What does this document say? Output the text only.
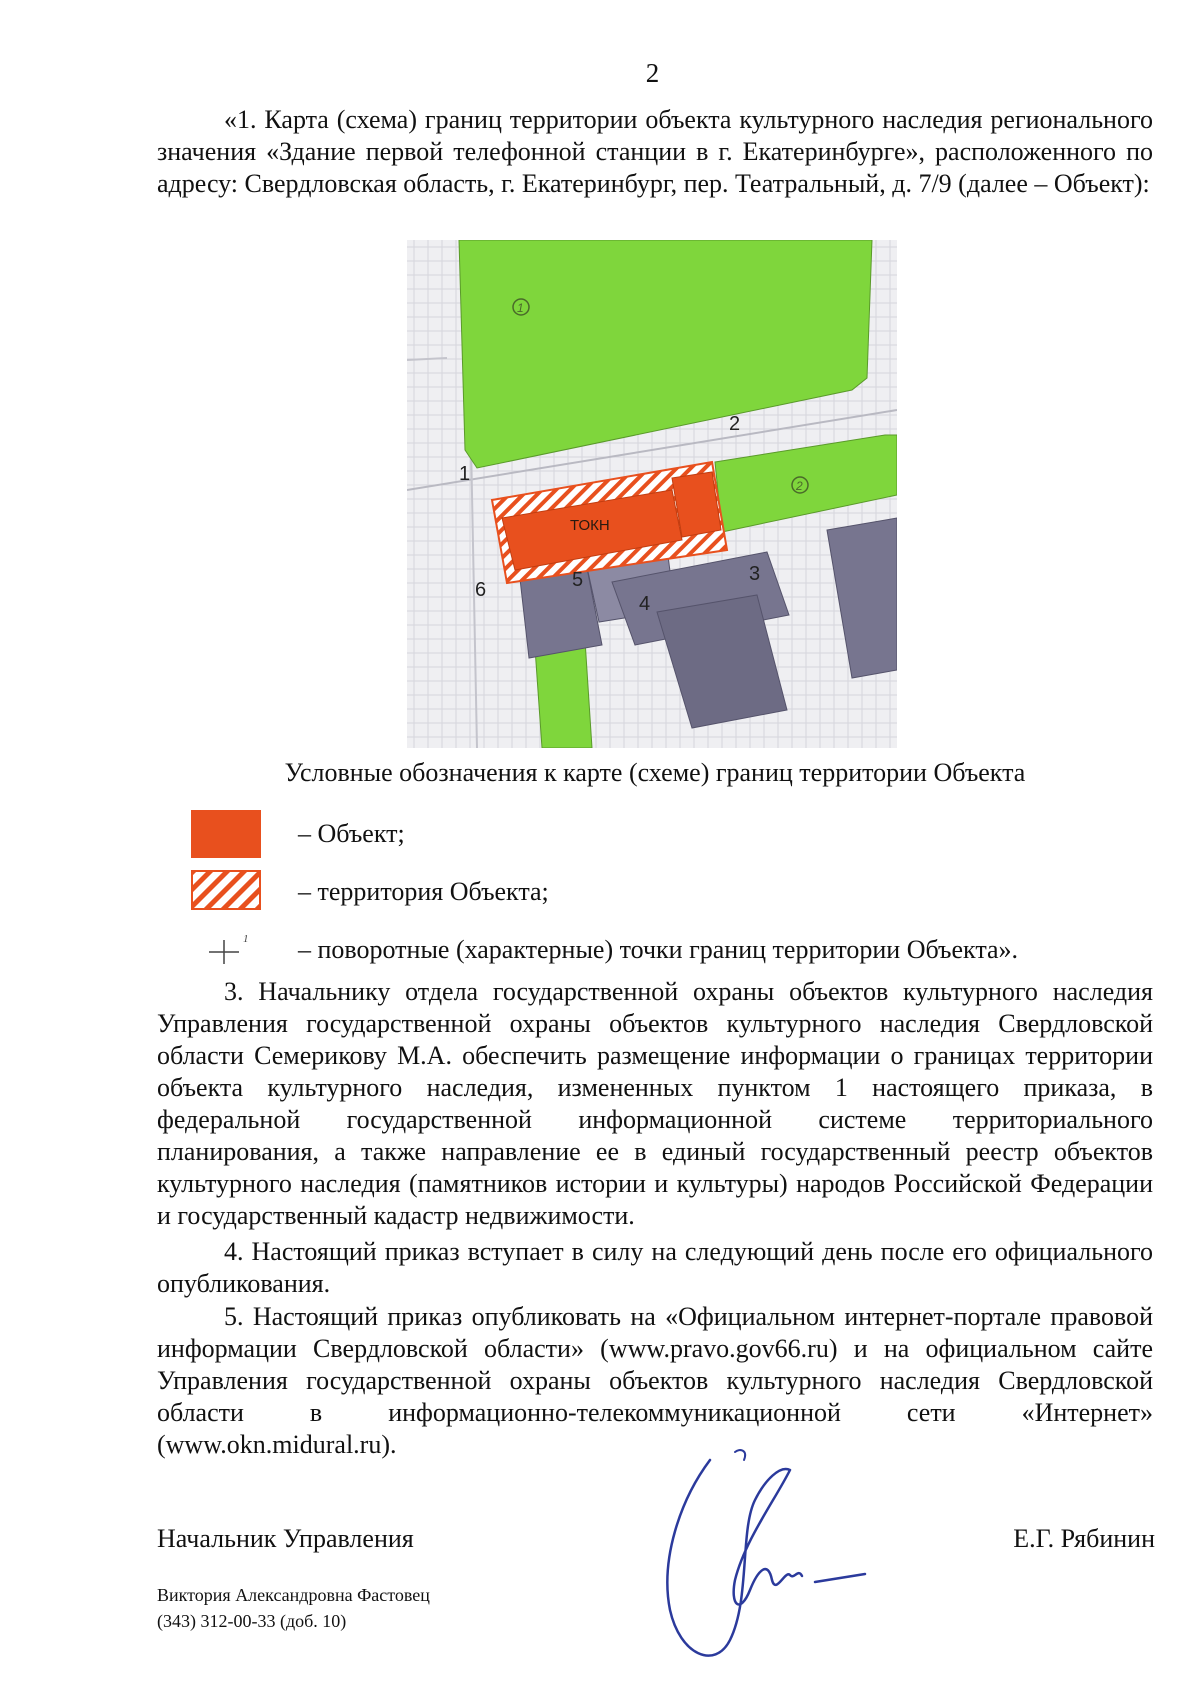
2
«1. Карта (схема) границ территории объекта культурного наследия регионального значения «Здание первой телефонной станции в г. Екатеринбурге», расположенного по адресу: Свердловская область, г. Екатеринбург, пер. Театральный, д. 7/9 (далее – Объект):
1
2
ТОКН
1
2
3
4
5
6
Условные обозначения к карте (схеме) границ территории Объекта
– Объект;
– территория Объекта;
1 – поворотные (характерные) точки границ территории Объекта».
3. Начальнику отдела государственной охраны объектов культурного наследия Управления государственной охраны объектов культурного наследия Свердловской области Семерикову М.А. обеспечить размещение информации о границах территории объекта культурного наследия, измененных пунктом 1 настоящего приказа, в федеральной государственной информационной системе территориального планирования, а также направление ее в единый государственный реестр объектов культурного наследия (памятников истории и культуры) народов Российской Федерации и государственный кадастр недвижимости.
4. Настоящий приказ вступает в силу на следующий день после его официального опубликования.
5. Настоящий приказ опубликовать на «Официальном интернет-портале правовой информации Свердловской области» (www.pravo.gov66.ru) и на официальном сайте Управления государственной охраны объектов культурного наследия Свердловской области в информационно-телекоммуникационной сети «Интернет» (www.okn.midural.ru).
Начальник Управления	Е.Г. Рябинин
Виктория Александровна Фастовец
(343) 312-00-33 (доб. 10)
